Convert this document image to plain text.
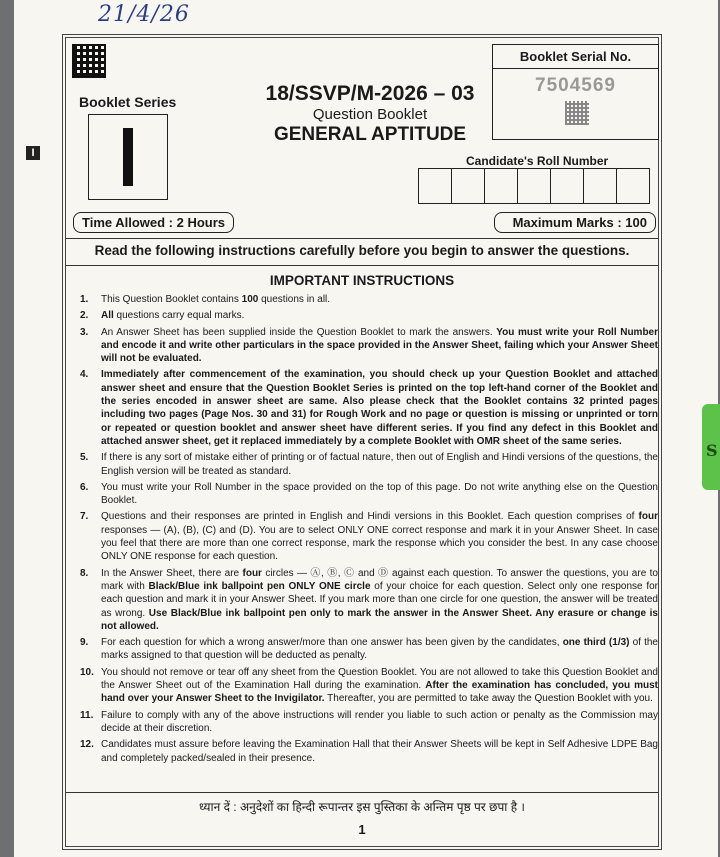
I
21/4/26
Booklet Series	18/SSVP/M-2026 – 03
Question Booklet
GENERAL APTITUDE
Booklet Serial No.
7504569
Candidate's Roll Number
Time Allowed : 2 Hours	Maximum Marks : 100
Read the following instructions carefully before you begin to answer the questions.
IMPORTANT INSTRUCTIONS
1.	This Question Booklet contains 100 questions in all.
2.	All questions carry equal marks.
3.	An Answer Sheet has been supplied inside the Question Booklet to mark the answers. You must write your Roll Number and encode it and write other particulars in the space provided in the Answer Sheet, failing which your Answer Sheet will not be evaluated.
4.	Immediately after commencement of the examination, you should check up your Question Booklet and attached answer sheet and ensure that the Question Booklet Series is printed on the top left-hand corner of the Booklet and the series encoded in answer sheet are same. Also please check that the Booklet contains 32 printed pages including two pages (Page Nos. 30 and 31) for Rough Work and no page or question is missing or unprinted or torn or repeated or question booklet and answer sheet have different series. If you find any defect in this Booklet and attached answer sheet, get it replaced immediately by a complete Booklet with OMR sheet of the same series.
5.	If there is any sort of mistake either of printing or of factual nature, then out of English and Hindi versions of the questions, the English version will be treated as standard.
6.	You must write your Roll Number in the space provided on the top of this page. Do not write anything else on the Question Booklet.
7.	Questions and their responses are printed in English and Hindi versions in this Booklet. Each question comprises of four responses — (A), (B), (C) and (D). You are to select ONLY ONE correct response and mark it in your Answer Sheet. In case you feel that there are more than one correct response, mark the response which you consider the best. In any case choose ONLY ONE response for each question.
8.	In the Answer Sheet, there are four circles — Ⓐ, Ⓑ, Ⓒ and Ⓓ against each question. To answer the questions, you are to mark with Black/Blue ink ballpoint pen ONLY ONE circle of your choice for each question. Select only one response for each question and mark it in your Answer Sheet. If you mark more than one circle for one question, the answer will be treated as wrong. Use Black/Blue ink ballpoint pen only to mark the answer in the Answer Sheet. Any erasure or change is not allowed.
9.	For each question for which a wrong answer/more than one answer has been given by the candidates, one third (1/3) of the marks assigned to that question will be deducted as penalty.
10. You should not remove or tear off any sheet from the Question Booklet. You are not allowed to take this Question Booklet and the Answer Sheet out of the Examination Hall during the examination. After the examination has concluded, you must hand over your Answer Sheet to the Invigilator. Thereafter, you are permitted to take away the Question Booklet with you.
11. Failure to comply with any of the above instructions will render you liable to such action or penalty as the Commission may decide at their discretion.
12. Candidates must assure before leaving the Examination Hall that their Answer Sheets will be kept in Self Adhesive LDPE Bag and completely packed/sealed in their presence.
ध्यान दें : अनुदेशों का हिन्दी रूपान्तर इस पुस्तिका के अन्तिम पृष्ठ पर छपा है ।
1
S
